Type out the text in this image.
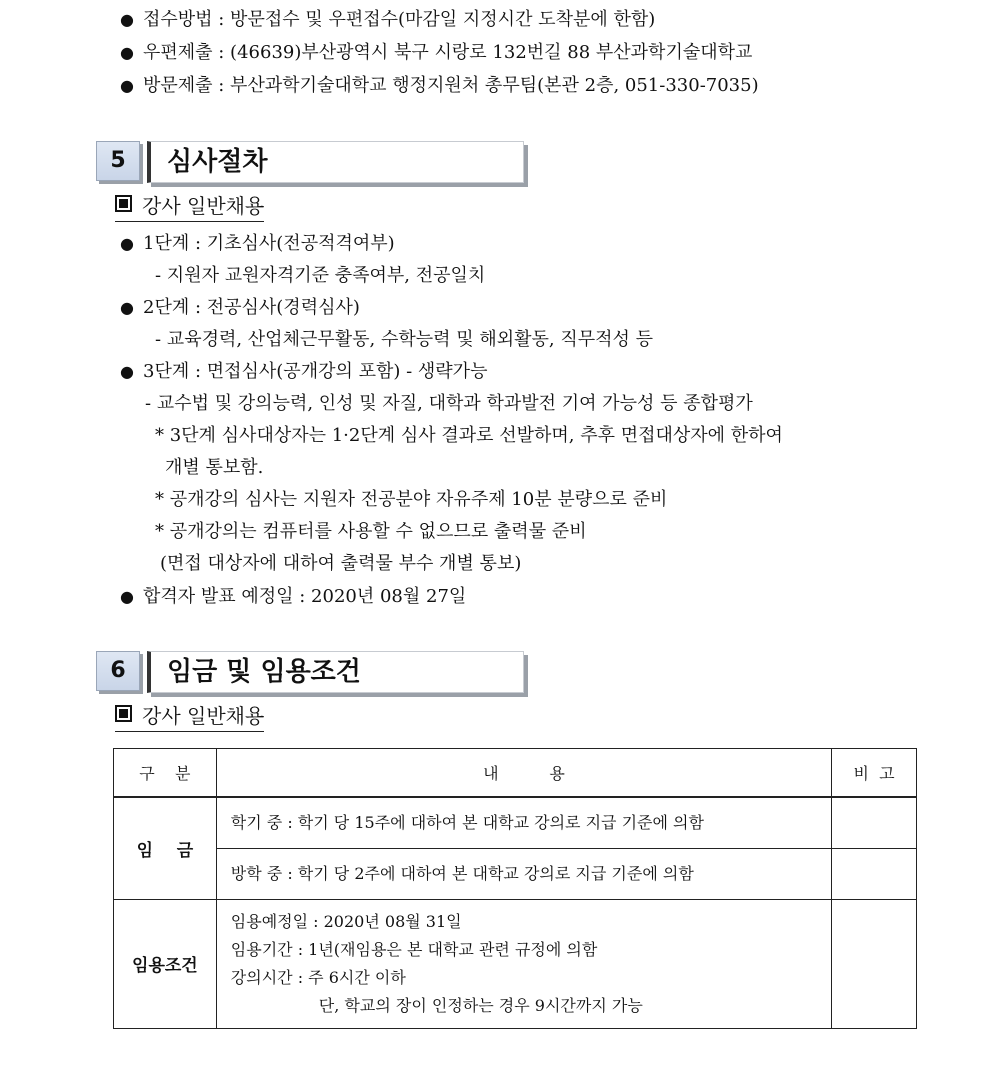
● 접수방법 : 방문접수 및 우편접수(마감일 지정시간 도착분에 한함)
● 우편제출 : (46639)부산광역시 북구 시랑로 132번길 88 부산과학기술대학교
● 방문제출 : 부산과학기술대학교 행정지원처 총무팀(본관 2층, 051-330-7035)
5	심사절차
강사 일반채용
● 1단계 : 기초심사(전공적격여부)
- 지원자 교원자격기준 충족여부, 전공일치
● 2단계 : 전공심사(경력심사)
- 교육경력, 산업체근무활동, 수학능력 및 해외활동, 직무적성 등
● 3단계 : 면접심사(공개강의 포함) - 생략가능
- 교수법 및 강의능력, 인성 및 자질, 대학과 학과발전 기여 가능성 등 종합평가
* 3단계 심사대상자는 1·2단계 심사 결과로 선발하며, 추후 면접대상자에 한하여
개별 통보함.
* 공개강의 심사는 지원자 전공분야 자유주제 10분 분량으로 준비
* 공개강의는 컴퓨터를 사용할 수 없으므로 출력물 준비
(면접 대상자에 대하여 출력물 부수 개별 통보)
● 합격자 발표 예정일 : 2020년 08월 27일
6	임금 및 임용조건
강사 일반채용
구    분	내          용	비  고
임    금	학기 중 : 학기 당 15주에 대하여 본 대학교 강의로 지급 기준에 의함	
	방학 중 : 학기 당 2주에 대하여 본 대학교 강의로 지급 기준에 의함	
임용조건	임용예정일 : 2020년 08월 31일
임용기간 : 1년(재임용은 본 대학교 관련 규정에 의함
강의시간 : 주 6시간 이하
단, 학교의 장이 인정하는 경우 9시간까지 가능	
